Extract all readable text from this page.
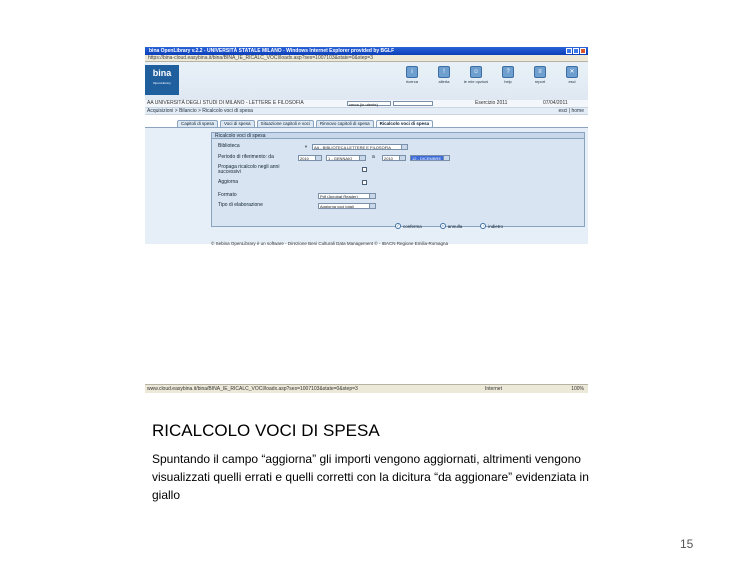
bina OpenLibrary v.2.2 - UNIVERSITÀ STATALE MILANO - Windows Internet Explorer provided by BGLF
https://bina-cloud.easybina.it/bina/BINA_IE_RICALC_VOCI/loadx.asp?ses=1007103&state=0&step=3
bina
OpenLibrary
i
ricerca
!
allerta
☺
le mie opzioni
?
help
≡
report
✕
esci
AA UNIVERSITÀ DEGLI STUDI DI MILANO - LETTERE E FILOSOFIA	cerca (in utente)	Esercizio 2011	07/04/2011
Acquisizioni > Bilancio > Ricalcolo voci di spesa	esci | home
Capitoli di spesa	Voci di spesa	Situazione capitoli e voci	Rinnovo capitoli di spesa	Ricalcolo voci di spesa
Ricalcolo voci di spesa
Biblioteca	▼	AA - BIBLIOTECA LETTERE E FILOSOFIA
Periodo di riferimento: da	2010	1 - GENNAIO	a	2010	12 - DICEMBRE
Propaga ricalcolo negli anni successivi
Aggiorna
Formato	Pdf (Acrobat Reader)
Tipo di elaborazione	Aggiorna voci totali
✓ conferma	× annulla	‹ indietro
© Sebina OpenLibrary è un software - Direzione Beni Culturali Data Management © - IBACN Regione Emilia-Romagna
www.cloud.easybina.it/bina/BINA_IE_RICALC_VOCI/loadx.asp?ses=1007103&state=0&step=3	Internet	100%
RICALCOLO VOCI DI SPESA
Spuntando il campo “aggiorna” gli importi vengono aggiornati, altrimenti vengono visualizzati quelli errati e quelli corretti con la dicitura “da aggionare” evidenziata in giallo
15
